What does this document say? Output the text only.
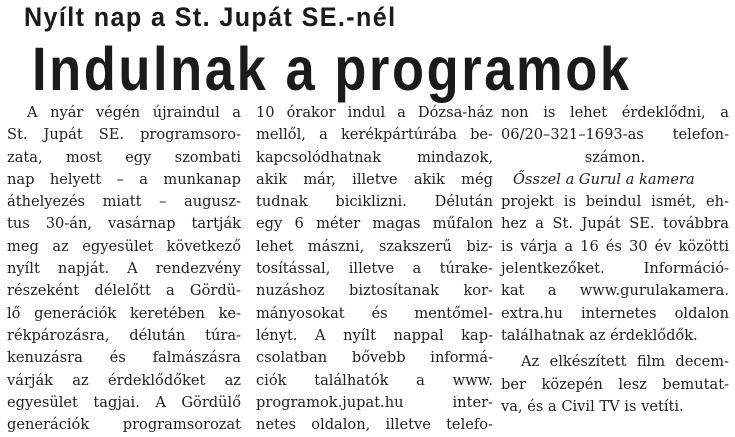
Nyílt nap a St. Jupát SE.-nél
Indulnak a programok
A nyár végén újraindul a
St. Jupát SE. programsoro-
zata, most egy szombati
nap helyett – a munkanap
áthelyezés miatt – augusz-
tus 30-án, vasárnap tartják
meg az egyesület következő
nyílt napját. A rendezvény
részeként délelőtt a Gördü-
lő generációk keretében ke-
rékpározásra, délután túra-
kenuzásra és falmászásra
várják az érdeklődőket az
egyesület tagjai. A Gördülő
generációk programsorozat
10 órakor indul a Dózsa-ház
mellől, a kerékpártúrába be-
kapcsolódhatnak mindazok,
akik már, illetve akik még
tudnak biciklizni. Délután
egy 6 méter magas műfalon
lehet mászni, szakszerű biz-
tosítással, illetve a túrake-
nuzáshoz biztosítanak kor-
mányosokat és mentőmel-
lényt. A nyílt nappal kap-
csolatban bővebb informá-
ciók találhatók a www.
programok.jupat.hu inter-
netes oldalon, illetve telefo-
non is lehet érdeklődni, a
06/20–321–1693-as telefon-
számon.
Ősszel a Gurul a kamera
projekt is beindul ismét, eh-
hez a St. Jupát SE. továbbra
is várja a 16 és 30 év közötti
jelentkezőket. Információ-
kat a www.gurulakamera.
extra.hu internetes oldalon
találhatnak az érdeklődők.
Az elkészített film decem-
ber közepén lesz bemutat-
va, és a Civil TV is vetíti.
